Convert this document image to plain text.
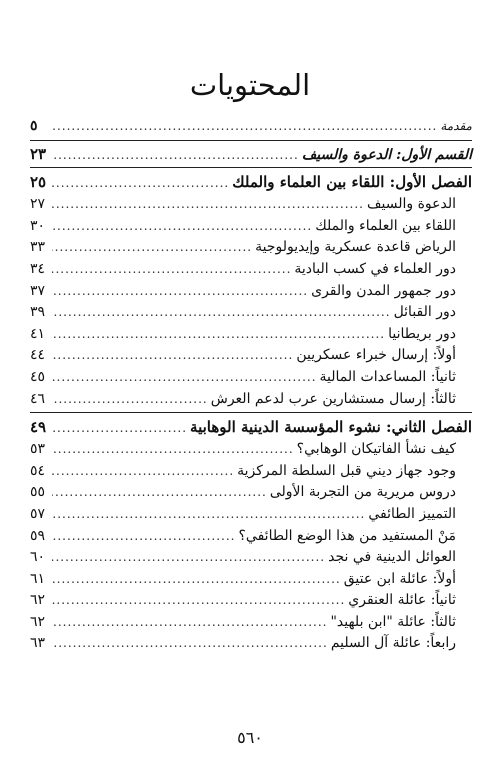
المحتويات
مقدمة
.....
٥
القسم الأول: الدعوة والسيف
.....
٢٣
الفصل الأول: اللقاء بين العلماء والملك
.....
٢٥
الدعوة والسيف
.....
٢٧
اللقاء بين العلماء والملك
.....
٣٠
الرياض قاعدة عسكرية وإيديولوجية
.....
٣٣
دور العلماء في كسب البادية
.....
٣٤
دور جمهور المدن والقرى
.....
٣٧
دور القبائل
.....
٣٩
دور بريطانيا
.....
٤١
أولاً: إرسال خبراء عسكريين
.....
٤٤
ثانياً: المساعدات المالية
.....
٤٥
ثالثاً: إرسال مستشارين عرب لدعم العرش
.....
٤٦
الفصل الثاني: نشوء المؤسسة الدينية الوهابية
.....
٤٩
كيف نشأ الفاتيكان الوهابي؟
.....
٥٣
وجود جهاز ديني قبل السلطة المركزية
.....
٥٤
دروس مريرية من التجربة الأولى
.....
٥٥
التمييز الطائفي
.....
٥٧
مَنْ المستفيد من هذا الوضع الطائفي؟
.....
٥٩
العوائل الدينية في نجد
.....
٦٠
أولاً: عائلة ابن عتيق
.....
٦١
ثانياً: عائلة العنقري
.....
٦٢
ثالثاً: عائلة "ابن بلهيد"
.....
٦٢
رابعاً: عائلة آل السليم
.....
٦٣
٥٦٠
